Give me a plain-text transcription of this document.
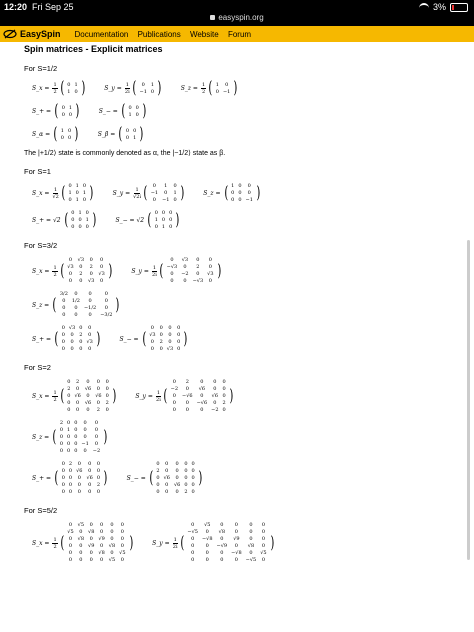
12:20 Fri Sep 25
easyspin.org
3%
EasySpin Documentation Publications Website Forum
Spin matrices - Explicit matrices
For S=1/2
S_x = $\frac{1}{2}$ ( 0	1
1	0 )	S_y = $\frac{1}{2i}$ ( 0	1
−1	0 )	S_z = $\frac{1}{2}$ ( 1	0
0	−1 )
S_+ = ( 0	1
0	0 )	S_− = ( 0	0
1	0 )
S_α = ( 1	0
0	0 )	S_β = ( 0	0
0	1 )
The |+1/2⟩ state is commonly denoted as α, the |−1/2⟩ state as β.
For S=1
S_x = $\frac{1}{√2}$ ( 0	1	0
1	0	1
0	1	0 )	S_y = $\frac{1}{√2i}$ ( 0	1	0
−1	0	1
0	−1	0 )	S_z = ( 1	0	0
0	0	0
0	0	−1 )
S_+ = √2 ( 0	1	0
0	0	1
0	0	0 )	S_− = √2 ( 0	0	0
1	0	0
0	1	0 )
For S=3/2
S_x = $\frac{1}{2}$ (
0	√3	0	0
√3	0	2	0
0	2	0	√3
0	0	√3	0
)	S_y = $\frac{1}{2i}$ (
0	√3	0	0
−√3	0	2	0
0	−2	0	√3
0	0	−√3	0
)
S_z = (
3/2	0	0	0
0	1/2	0	0
0	0	−1/2	0
0	0	0	−3/2
)
S_+ = (
0	√3	0	0
0	0	2	0
0	0	0	√3
0	0	0	0
)	S_− = (
0	0	0	0
√3	0	0	0
0	2	0	0
0	0	√3	0
)
For S=2
S_x = $\frac{1}{2}$ (
0	2	0	0	0
2	0	√6	0	0
0	√6	0	√6	0
0	0	√6	0	2
0	0	0	2	0
)	S_y = $\frac{1}{2i}$ (
0	2	0	0	0
−2	0	√6	0	0
0	−√6	0	√6	0
0	0	−√6	0	2
0	0	0	−2	0
)
S_z = (
2	0	0	0	0
0	1	0	0	0
0	0	0	0	0
0	0	0	−1	0
0	0	0	0	−2
)
S_+ = (
0	2	0	0	0
0	0	√6	0	0
0	0	0	√6	0
0	0	0	0	2
0	0	0	0	0
)	S_− = (
0	0	0	0	0
2	0	0	0	0
0	√6	0	0	0
0	0	√6	0	0
0	0	0	2	0
)
For S=5/2
S_x = $\frac{1}{2}$ (
0	√5	0	0	0	0
√5	0	√8	0	0	0
0	√8	0	√9	0	0
0	0	√9	0	√8	0
0	0	0	√8	0	√5
0	0	0	0	√5	0
)	S_y = $\frac{1}{2i}$ (
0	√5	0	0	0	0
−√5	0	√8	0	0	0
0	−√8	0	√9	0	0
0	0	−√9	0	√8	0
0	0	0	−√8	0	√5
0	0	0	0	−√5	0
)
